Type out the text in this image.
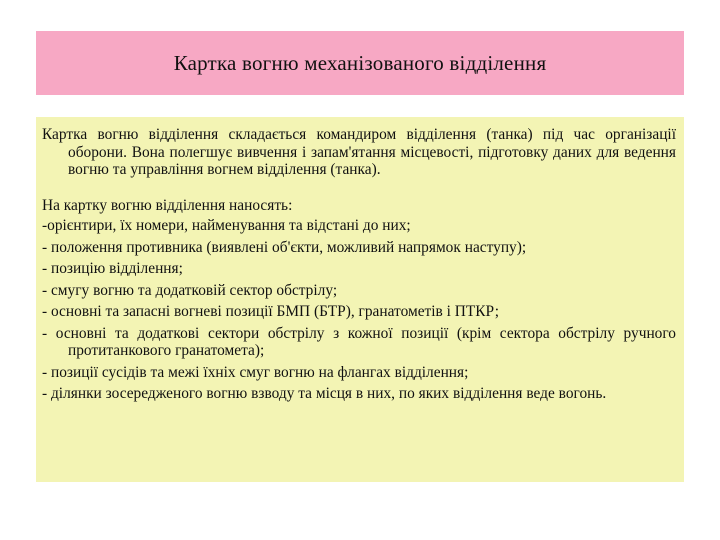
Картка вогню механізованого відділення

Картка вогню відділення складається командиром відділення (танка) під час організації оборони. Вона полегшує вивчення і запам'ятання місцевості, підготовку даних для ведення вогню та управління вогнем відділення (танка).

На картку вогню відділення наносять:

-орієнтири, їх номери, найменування та відстані до них;

- положення противника (виявлені об'єкти, можливий напрямок наступу);

- позицію відділення;

- смугу вогню та додатковій сектор обстрілу;

- основні та запасні вогневі позиції БМП (БТР), гранатометів і ПТКР;

- основні та додаткові сектори обстрілу з кожної позиції (крім сектора обстрілу ручного протитанкового гранатомета);

- позиції сусідів та межі їхніх смуг вогню на флангах відділення;

- ділянки зосередженого вогню взводу та місця в них, по яких відділення веде вогонь.
